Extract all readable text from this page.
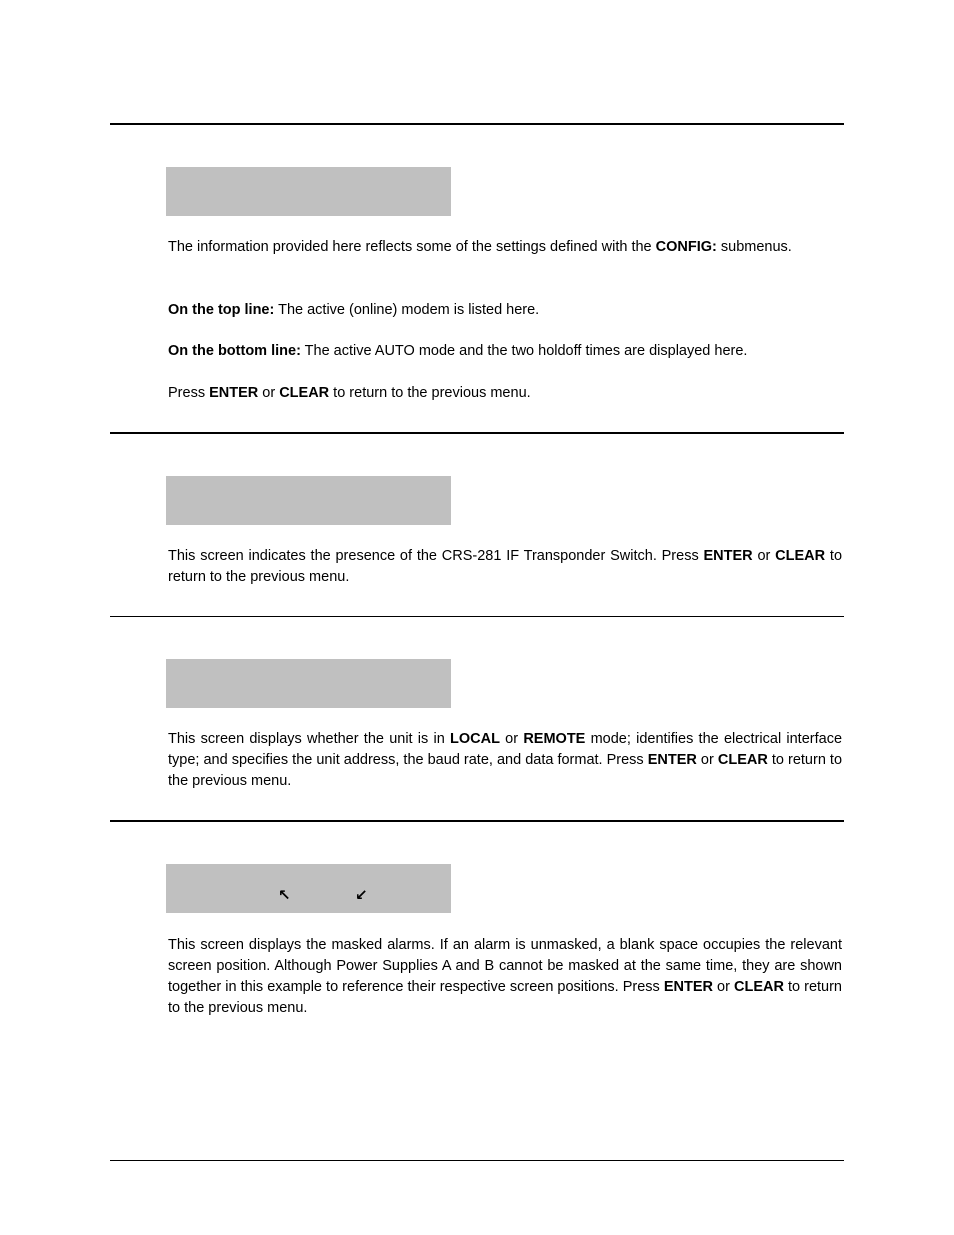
The information provided here reflects some of the settings defined with the CONFIG: submenus.

On the top line: The active (online) modem is listed here.

On the bottom line: The active AUTO mode and the two holdoff times are displayed here.

Press ENTER or CLEAR to return to the previous menu.

This screen indicates the presence of the CRS-281 IF Transponder Switch. Press ENTER or CLEAR to return to the previous menu.

This screen displays whether the unit is in LOCAL or REMOTE mode; identifies the electrical interface type; and specifies the unit address, the baud rate, and data format. Press ENTER or CLEAR to return to the previous menu.

↖	↙

This screen displays the masked alarms. If an alarm is unmasked, a blank space occupies the relevant screen position. Although Power Supplies A and B cannot be masked at the same time, they are shown together in this example to reference their respective screen positions. Press ENTER or CLEAR to return to the previous menu.
